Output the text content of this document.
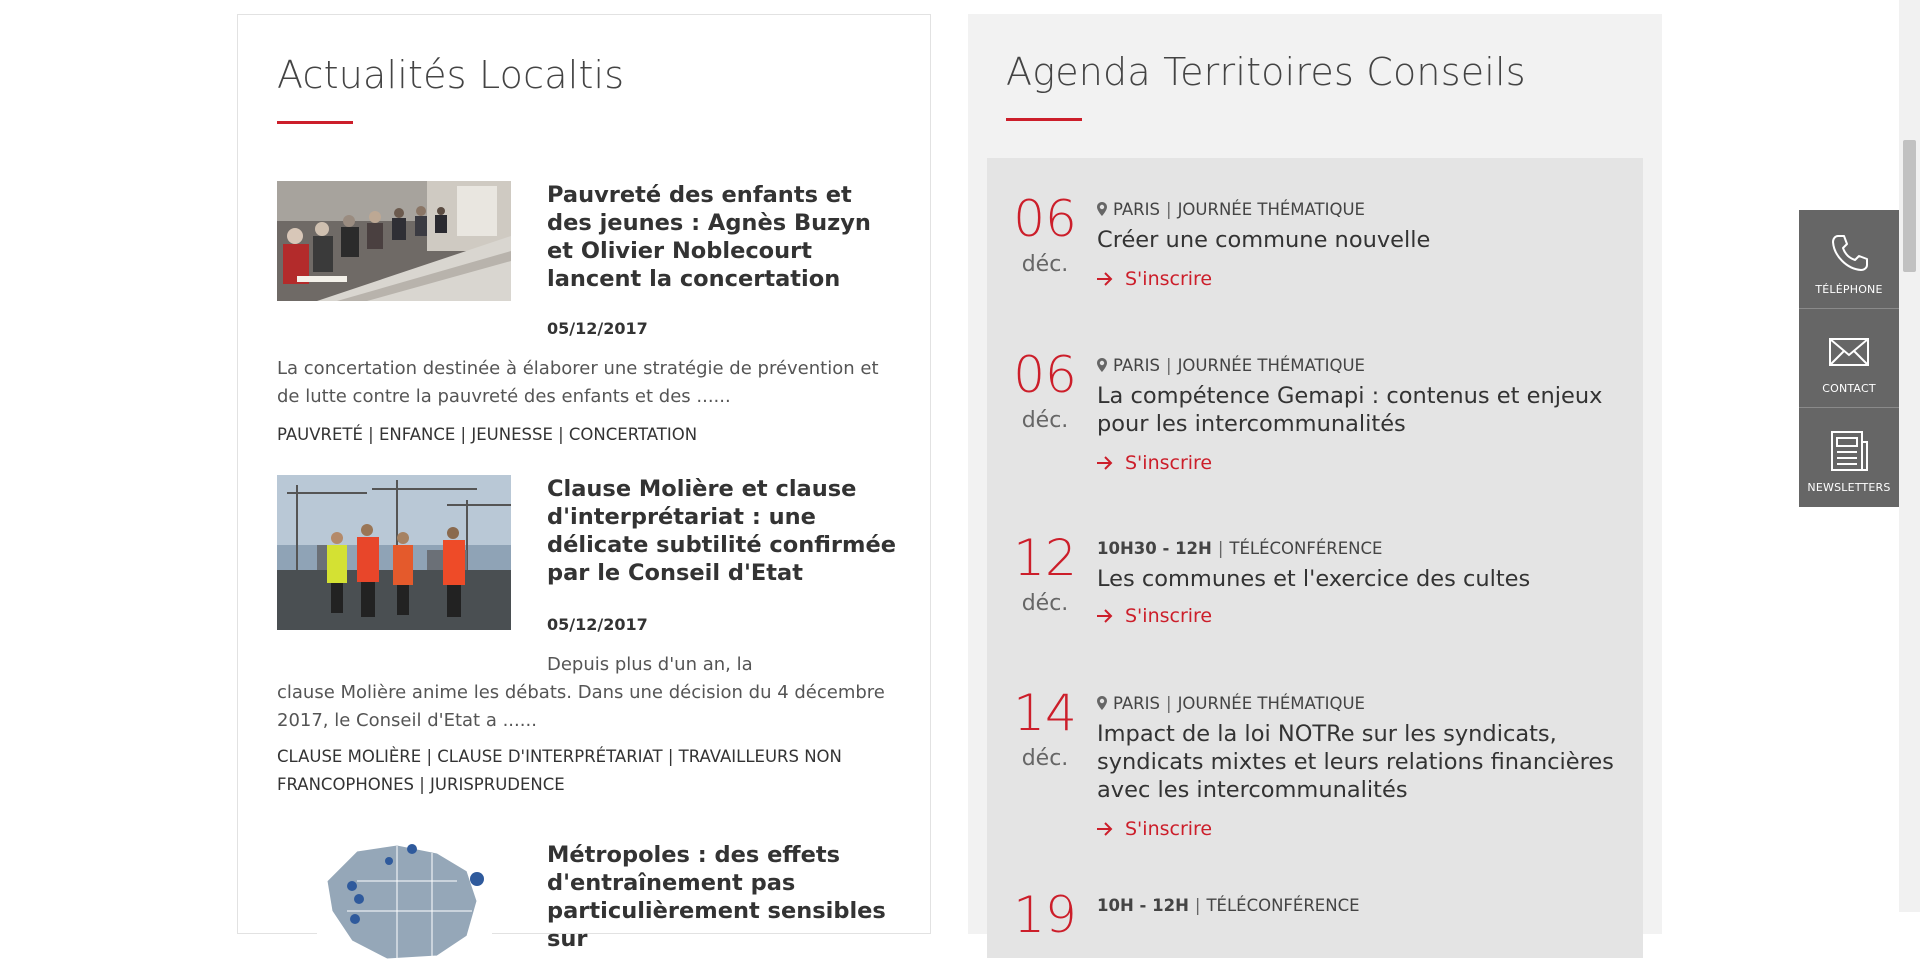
Actualités Localtis
Pauvreté des enfants et des jeunes : Agnès Buzyn et Olivier Noblecourt lancent la concertation
05/12/2017

La concertation destinée à élaborer une stratégie de prévention et de lutte contre la pauvreté des enfants et des ......

PAUVRETÉ | ENFANCE | JEUNESSE | CONCERTATION
Clause Molière et clause d'interprétariat : une délicate subtilité confirmée par le Conseil d'Etat
05/12/2017

Depuis plus d'un an, la
clause Molière anime les débats. Dans une décision du 4 décembre 2017, le Conseil d'Etat a ......

CLAUSE MOLIÈRE | CLAUSE D'INTERPRÉTARIAT | TRAVAILLEURS NON FRANCOPHONES | JURISPRUDENCE
Métropoles : des effets d'entraînement pas particulièrement sensibles sur
Agenda Territoires Conseils
06
déc.
PARIS | JOURNÉE THÉMATIQUE
Créer une commune nouvelle
S'inscrire
06
déc.
PARIS | JOURNÉE THÉMATIQUE
La compétence Gemapi : contenus et enjeux pour les intercommunalités
S'inscrire
12
déc.
10H30 - 12H | TÉLÉCONFÉRENCE
Les communes et l'exercice des cultes
S'inscrire
14
déc.
PARIS | JOURNÉE THÉMATIQUE
Impact de la loi NOTRe sur les syndicats, syndicats mixtes et leurs relations financières avec les intercommunalités
S'inscrire
19	10H - 12H | TÉLÉCONFÉRENCE
TÉLÉPHONE
CONTACT
NEWSLETTERS
